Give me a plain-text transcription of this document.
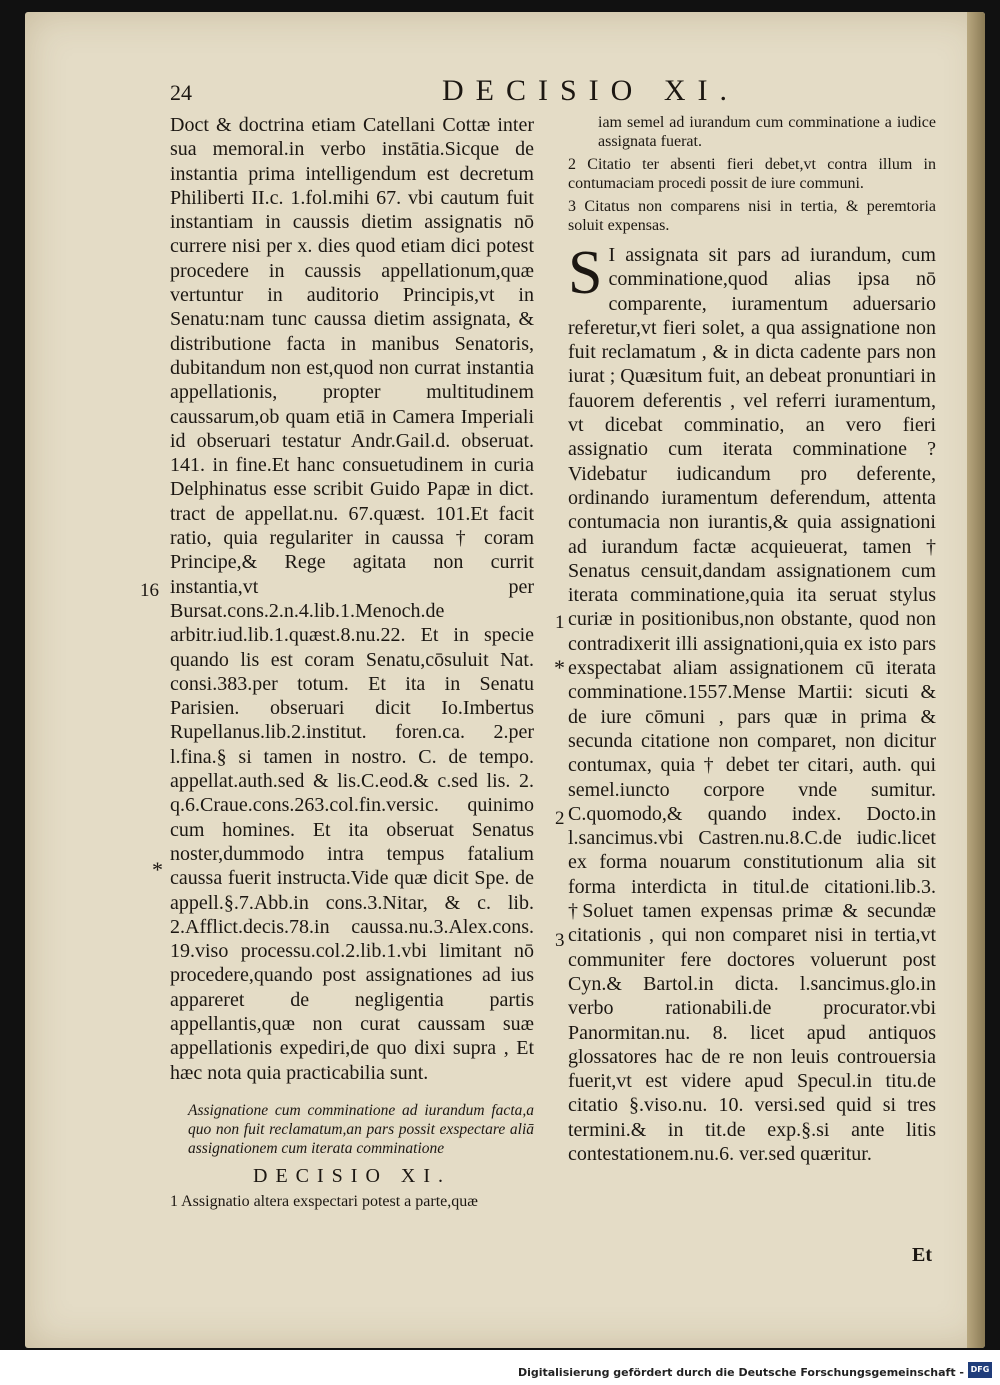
24	DECISIO XI.

Doct & doctrina etiam Catellani Cottæ inter sua memoral.in verbo instātia.Sicque de instantia prima intelligendum est decretum Philiberti II.c. 1.fol.mihi 67. vbi cautum fuit instantiam in caussis dietim assignatis nō currere nisi per x. dies quod etiam dici potest procedere in caussis appellationum,quæ vertuntur in auditorio Principis,vt in Senatu:nam tunc caussa dietim assignata, & distributione facta in manibus Senatoris, dubitandum non est,quod non currat instantia appellationis, propter multitudinem caussarum,ob quam etiā in Camera Imperiali id obseruari testatur Andr.Gail.d. obseruat. 141. in fine.Et hanc consuetudinem in curia Delphinatus esse scribit Guido Papæ in dict. tract de appellat.nu. 67.quæst. 101.Et facit ratio, quia regulariter in caussa † coram Principe,& Rege agitata non currit instantia,vt per Bursat.cons.2.n.4.lib.1.Menoch.de arbitr.iud.lib.1.quæst.8.nu.22. Et in specie quando lis est coram Senatu,cōsuluit Nat. consi.383.per totum. Et ita in Senatu Parisien. obseruari dicit Io.Imbertus Rupellanus.lib.2.institut. foren.ca. 2.per l.fina.§ si tamen in nostro. C. de tempo. appellat.auth.sed & lis.C.eod.& c.sed lis. 2. q.6.Craue.cons.263.col.fin.versic. quinimo cum homines. Et ita obseruat Senatus noster,dummodo intra tempus fatalium caussa fuerit instructa.Vide quæ dicit Spe. de appell.§.7.Abb.in cons.3.Nitar, & c. lib. 2.Afflict.decis.78.in caussa.nu.3.Alex.cons. 19.viso processu.col.2.lib.1.vbi limitant nō procedere,quando post assignationes ad ius appareret de negligentia partis appellantis,quæ non curat caussam suæ appellationis expediri,de quo dixi supra , Et hæc nota quia practicabilia sunt.

Assignatione cum comminatione ad iurandum facta,a quo non fuit reclamatum,an pars possit exspectare aliā assignationem cum iterata comminatione

DECISIO XI.

1 Assignatio altera exspectari potest a parte,quæ

16
*

iam semel ad iurandum cum comminatione a iudice assignata fuerat.

2 Citatio ter absenti fieri debet,vt contra illum in contumaciam procedi possit de iure communi.

3 Citatus non comparens nisi in tertia, & peremtoria soluit expensas.

S I assignata sit pars ad iurandum, cum comminatione,quod alias ipsa nō comparente, iuramentum aduersario referetur,vt fieri solet, a qua assignatione non fuit reclamatum , & in dicta cadente pars non iurat ; Quæsitum fuit, an debeat pronuntiari in fauorem deferentis , vel referri iuramentum, vt dicebat comminatio, an vero fieri assignatio cum iterata comminatione ? Videbatur iudicandum pro deferente, ordinando iuramentum deferendum, attenta contumacia non iurantis,& quia assignationi ad iurandum factæ acquieuerat, tamen † Senatus censuit,dandam assignationem cum iterata comminatione,quia ita seruat stylus curiæ in positionibus,non obstante, quod non contradixerit illi assignationi,quia ex isto pars exspectabat aliam assignationem cū iterata comminatione.1557.Mense Martii: sicuti & de iure cōmuni , pars quæ in prima & secunda citatione non comparet, non dicitur contumax, quia † debet ter citari, auth. qui semel.iuncto corpore vnde sumitur. C.quomodo,& quando index. Docto.in l.sancimus.vbi Castren.nu.8.C.de iudic.licet ex forma nouarum constitutionum alia sit forma interdicta in titul.de citationi.lib.3. †Soluet tamen expensas primæ & secundæ citationis , qui non comparet nisi in tertia,vt communiter fere doctores voluerunt post Cyn.& Bartol.in dicta. l.sancimus.glo.in verbo rationabili.de procurator.vbi Panormitan.nu. 8. licet apud antiquos glossatores hac de re non leuis controuersia fuerit,vt est videre apud Specul.in titu.de citatio §.viso.nu. 10. versi.sed quid si tres termini.& in tit.de exp.§.si ante litis contestationem.nu.6. ver.sed quæritur.

1
*
2
3
Et
Digitalisierung gefördert durch die Deutsche Forschungsgemeinschaft - DFG
